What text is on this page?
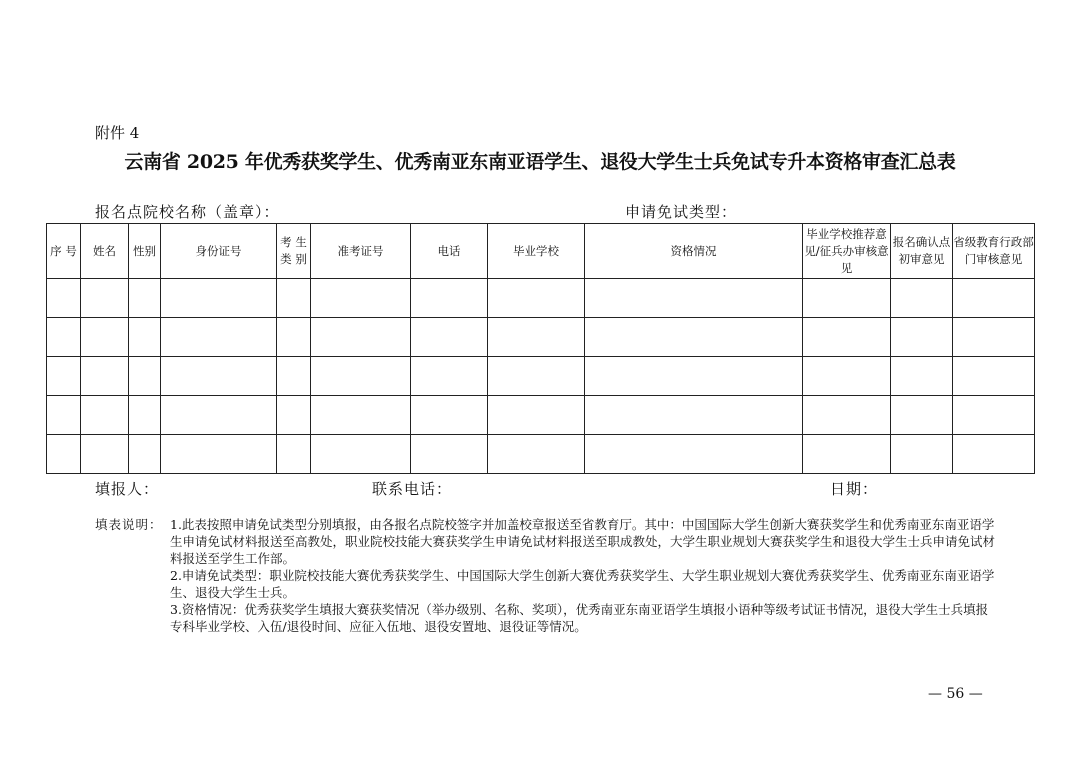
附件 4
云南省 2025 年优秀获奖学生、优秀南亚东南亚语学生、退役大学生士兵免试专升本资格审查汇总表
报名点院校名称（盖章）：	申请免试类型：
序 号	姓名	性别	身份证号	考 生 类 别	准考证号	电话	毕业学校	资格情况	毕业学校推荐意见/征兵办审核意见	报名确认点初审意见	省级教育行政部门审核意见

填报人：	联系电话：	日期：
填表说明： 1.此表按照申请免试类型分别填报，由各报名点院校签字并加盖校章报送至省教育厅。其中：中国国际大学生创新大赛获奖学生和优秀南亚东南亚语学生申请免试材料报送至高教处，职业院校技能大赛获奖学生申请免试材料报送至职成教处，大学生职业规划大赛获奖学生和退役大学生士兵申请免试材料报送至学生工作部。

2.申请免试类型：职业院校技能大赛优秀获奖学生、中国国际大学生创新大赛优秀获奖学生、大学生职业规划大赛优秀获奖学生、优秀南亚东南亚语学生、退役大学生士兵。

3.资格情况：优秀获奖学生填报大赛获奖情况（举办级别、名称、奖项），优秀南亚东南亚语学生填报小语种等级考试证书情况，退役大学生士兵填报专科毕业学校、入伍/退役时间、应征入伍地、退役安置地、退役证等情况。

— 56 —
